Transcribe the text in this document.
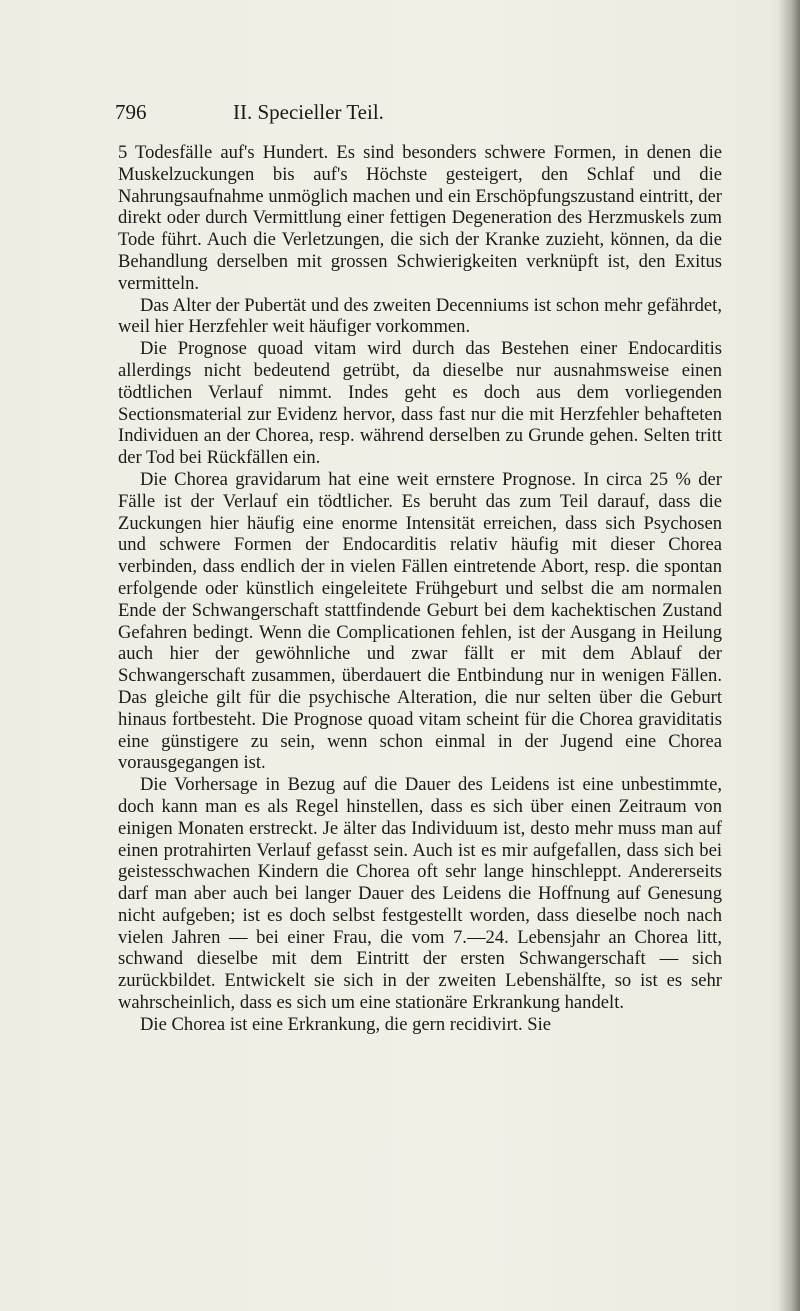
796	II. Specieller Teil.

5 Todesfälle auf's Hundert. Es sind besonders schwere Formen, in denen die Muskelzuckungen bis auf's Höchste gesteigert, den Schlaf und die Nahrungsaufnahme unmöglich machen und ein Erschöpfungszustand eintritt, der direkt oder durch Vermittlung einer fettigen Degeneration des Herzmuskels zum Tode führt. Auch die Verletzungen, die sich der Kranke zuzieht, können, da die Behandlung derselben mit grossen Schwierigkeiten verknüpft ist, den Exitus vermitteln.

Das Alter der Pubertät und des zweiten Decenniums ist schon mehr gefährdet, weil hier Herzfehler weit häufiger vorkommen.

Die Prognose quoad vitam wird durch das Bestehen einer Endocarditis allerdings nicht bedeutend getrübt, da dieselbe nur ausnahmsweise einen tödtlichen Verlauf nimmt. Indes geht es doch aus dem vorliegenden Sectionsmaterial zur Evidenz hervor, dass fast nur die mit Herzfehler behafteten Individuen an der Chorea, resp. während derselben zu Grunde gehen. Selten tritt der Tod bei Rückfällen ein.

Die Chorea gravidarum hat eine weit ernstere Prognose. In circa 25 % der Fälle ist der Verlauf ein tödtlicher. Es beruht das zum Teil darauf, dass die Zuckungen hier häufig eine enorme Intensität erreichen, dass sich Psychosen und schwere Formen der Endocarditis relativ häufig mit dieser Chorea verbinden, dass endlich der in vielen Fällen eintretende Abort, resp. die spontan erfolgende oder künstlich eingeleitete Frühgeburt und selbst die am normalen Ende der Schwangerschaft stattfindende Geburt bei dem kachektischen Zustand Gefahren bedingt. Wenn die Complicationen fehlen, ist der Ausgang in Heilung auch hier der gewöhnliche und zwar fällt er mit dem Ablauf der Schwangerschaft zusammen, überdauert die Entbindung nur in wenigen Fällen. Das gleiche gilt für die psychische Alteration, die nur selten über die Geburt hinaus fortbesteht. Die Prognose quoad vitam scheint für die Chorea graviditatis eine günstigere zu sein, wenn schon einmal in der Jugend eine Chorea vorausgegangen ist.

Die Vorhersage in Bezug auf die Dauer des Leidens ist eine unbestimmte, doch kann man es als Regel hinstellen, dass es sich über einen Zeitraum von einigen Monaten erstreckt. Je älter das Individuum ist, desto mehr muss man auf einen protrahirten Verlauf gefasst sein. Auch ist es mir aufgefallen, dass sich bei geistesschwachen Kindern die Chorea oft sehr lange hinschleppt. Andererseits darf man aber auch bei langer Dauer des Leidens die Hoffnung auf Genesung nicht aufgeben; ist es doch selbst festgestellt worden, dass dieselbe noch nach vielen Jahren — bei einer Frau, die vom 7.—24. Lebensjahr an Chorea litt, schwand dieselbe mit dem Eintritt der ersten Schwangerschaft — sich zurückbildet. Entwickelt sie sich in der zweiten Lebenshälfte, so ist es sehr wahrscheinlich, dass es sich um eine stationäre Erkrankung handelt.

Die Chorea ist eine Erkrankung, die gern recidivirt. Sie
